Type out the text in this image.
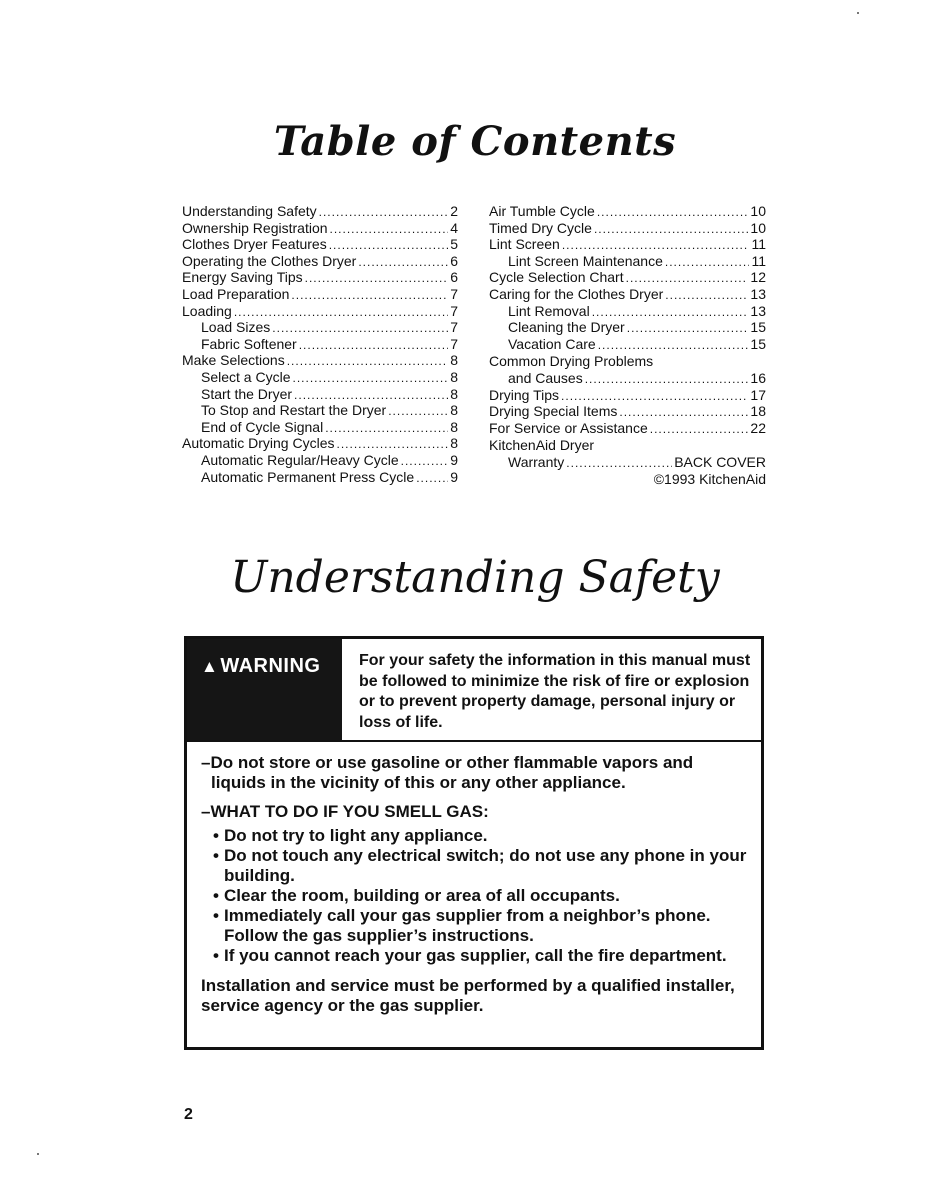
Table of Contents
Understanding Safety .....	2
Ownership Registration .....	4
Clothes Dryer Features .....	5
Operating the Clothes Dryer .....	6
Energy Saving Tips .....	6
Load Preparation .....	7
Loading .....	7
Load Sizes .....	7
Fabric Softener .....	7
Make Selections .....	8
Select a Cycle .....	8
Start the Dryer .....	8
To Stop and Restart the Dryer .....	8
End of Cycle Signal .....	8
Automatic Drying Cycles .....	8
Automatic Regular/Heavy Cycle .....	9
Automatic Permanent Press Cycle .....	9
Air Tumble Cycle .....	10
Timed Dry Cycle .....	10
Lint Screen .....	11
Lint Screen Maintenance .....	11
Cycle Selection Chart .....	12
Caring for the Clothes Dryer .....	13
Lint Removal .....	13
Cleaning the Dryer .....	15
Vacation Care .....	15
Common Drying Problems
and Causes .....	16
Drying Tips .....	17
Drying Special Items .....	18
For Service or Assistance .....	22
KitchenAid Dryer
Warranty .....	BACK COVER
©1993 KitchenAid
Understanding Safety
▲ WARNING	For your safety the information in this manual must be followed to minimize the risk of fire or explosion or to prevent property damage, personal injury or loss of life.

–Do not store or use gasoline or other flammable vapors and liquids in the vicinity of this or any other appliance.

–WHAT TO DO IF YOU SMELL GAS:

• Do not try to light any appliance.
• Do not touch any electrical switch; do not use any phone in your building.
• Clear the room, building or area of all occupants.
• Immediately call your gas supplier from a neighbor’s phone. Follow the gas supplier’s instructions.
• If you cannot reach your gas supplier, call the fire department.

Installation and service must be performed by a qualified installer, service agency or the gas supplier.

2
